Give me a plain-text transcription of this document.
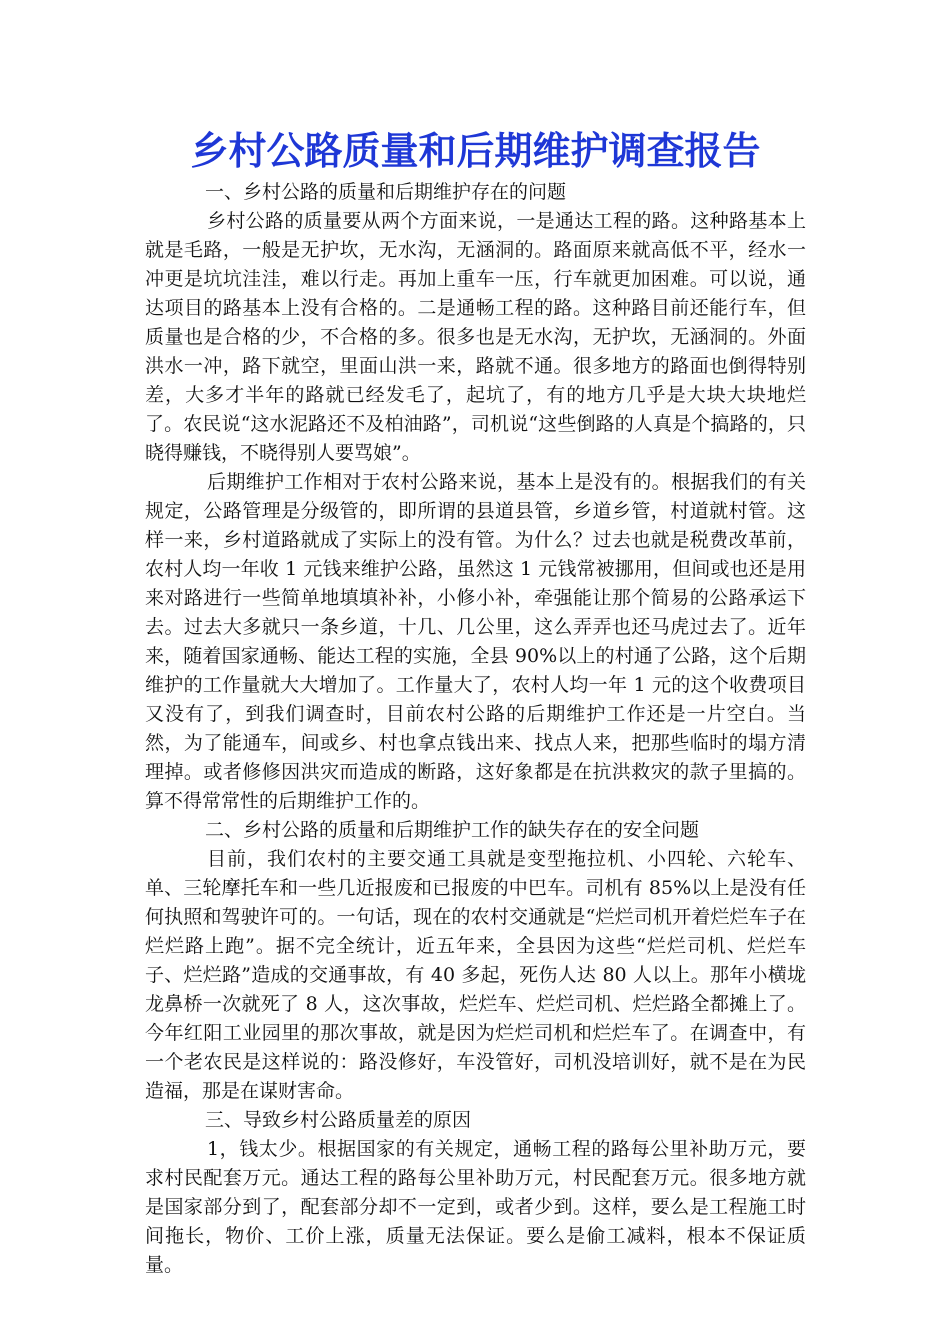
乡村公路质量和后期维护调查报告

一、乡村公路的质量和后期维护存在的问题

乡村公路的质量要从两个方面来说，一是通达工程的路。这种路基本上就是毛路，一般是无护坎，无水沟，无涵洞的。路面原来就高低不平，经水一冲更是坑坑洼洼，难以行走。再加上重车一压，行车就更加困难。可以说，通达项目的路基本上没有合格的。二是通畅工程的路。这种路目前还能行车，但质量也是合格的少，不合格的多。很多也是无水沟，无护坎，无涵洞的。外面洪水一冲，路下就空，里面山洪一来，路就不通。很多地方的路面也倒得特别差，大多才半年的路就已经发毛了，起坑了，有的地方几乎是大块大块地烂了。农民说“这水泥路还不及柏油路”，司机说“这些倒路的人真是个搞路的，只晓得赚钱，不晓得别人要骂娘”。

后期维护工作相对于农村公路来说，基本上是没有的。根据我们的有关规定，公路管理是分级管的，即所谓的县道县管，乡道乡管，村道就村管。这样一来，乡村道路就成了实际上的没有管。为什么？过去也就是税费改革前，农村人均一年收 1 元钱来维护公路，虽然这 1 元钱常被挪用，但间或也还是用来对路进行一些简单地填填补补，小修小补，牵强能让那个简易的公路承运下去。过去大多就只一条乡道，十几、几公里，这么弄弄也还马虎过去了。近年来，随着国家通畅、能达工程的实施，全县 90%以上的村通了公路，这个后期维护的工作量就大大增加了。工作量大了，农村人均一年 1 元的这个收费项目又没有了，到我们调查时，目前农村公路的后期维护工作还是一片空白。当然，为了能通车，间或乡、村也拿点钱出来、找点人来，把那些临时的塌方清理掉。或者修修因洪灾而造成的断路，这好象都是在抗洪救灾的款子里搞的。算不得常常性的后期维护工作的。

二、乡村公路的质量和后期维护工作的缺失存在的安全问题

目前，我们农村的主要交通工具就是变型拖拉机、小四轮、六轮车、单、三轮摩托车和一些几近报废和已报废的中巴车。司机有 85%以上是没有任何执照和驾驶许可的。一句话，现在的农村交通就是“烂烂司机开着烂烂车子在烂烂路上跑”。据不完全统计，近五年来，全县因为这些“烂烂司机、烂烂车子、烂烂路”造成的交通事故，有 40 多起，死伤人达 80 人以上。那年小横垅龙鼻桥一次就死了 8 人，这次事故，烂烂车、烂烂司机、烂烂路全都摊上了。今年红阳工业园里的那次事故，就是因为烂烂司机和烂烂车了。在调查中，有一个老农民是这样说的：路没修好，车没管好，司机没培训好，就不是在为民造福，那是在谋财害命。

三、导致乡村公路质量差的原因

1，钱太少。根据国家的有关规定，通畅工程的路每公里补助万元，要求村民配套万元。通达工程的路每公里补助万元，村民配套万元。很多地方就是国家部分到了，配套部分却不一定到，或者少到。这样，要么是工程施工时间拖长，物价、工价上涨，质量无法保证。要么是偷工减料，根本不保证质量。
